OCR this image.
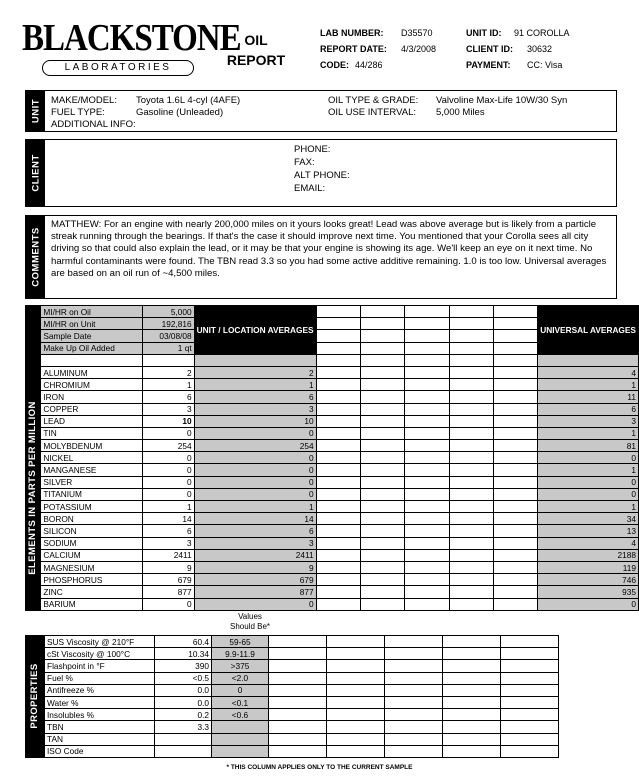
BLACKSTONE
LABORATORIES
OIL
REPORT
LAB NUMBER: D35570
REPORT DATE: 4/3/2008
CODE: 44/286
UNIT ID: 91 COROLLA
CLIENT ID: 30632
PAYMENT: CC: Visa
UNIT MAKE/MODEL: Toyota 1.6L 4-cyl (4AFE)
FUEL TYPE:	Gasoline (Unleaded)
ADDITIONAL INFO:
OIL TYPE & GRADE: Valvoline Max-Life 10W/30 Syn
OIL USE INTERVAL: 5,000 Miles
CLIENT
PHONE:
FAX:
ALT PHONE:
EMAIL:
COMMENTS
MATTHEW: For an engine with nearly 200,000 miles on it yours looks great! Lead was above average but is likely from a particle streak running through the bearings. If that's the case it should improve next time. You mentioned that your Corolla sees all city driving so that could also explain the lead, or it may be that your engine is showing its age. We'll keep an eye on it next time. No harmful contaminants were found. The TBN read 3.3 so you had some active additive remaining. 1.0 is too low. Universal averages are based on an oil run of ~4,500 miles.
	MI/HR on Oil	5,000	UNIT / LOCATION AVERAGES						UNIVERSAL AVERAGES
	MI/HR on Unit	192,816							
	Sample Date	03/08/08							
	Make Up Oil Added	1 qt							

ELEMENTS IN PARTS PER MILLION	ALUMINUM	2	2						4
	CHROMIUM	1	1						1
	IRON	6	6						11
	COPPER	3	3						6
	LEAD	10	10						3
	TIN	0	0						1
	MOLYBDENUM	254	254						81
	NICKEL	0	0						0
	MANGANESE	0	0						1
	SILVER	0	0						0
	TITANIUM	0	0						0
	POTASSIUM	1	1						1
	BORON	14	14						34
	SILICON	6	6						13
	SODIUM	3	3						4
	CALCIUM	2411	2411						2188
	MAGNESIUM	9	9						119
	PHOSPHORUS	679	679						746
	ZINC	877	877						935
	BARIUM	0	0						0
Values
Should Be*
PROPERTIES	SUS Viscosity @ 210°F	60.4	59-65					
	cSt Viscosity @ 100°C	10.34	9.9-11.9					
	Flashpoint in °F	390	>375					
	Fuel %	<0.5	<2.0					
	Antifreeze %	0.0	0					
	Water %	0.0	<0.1					
	Insolubles %	0.2	<0.6					
	TBN	3.3						
	TAN							
	ISO Code							
* THIS COLUMN APPLIES ONLY TO THE CURRENT SAMPLE
